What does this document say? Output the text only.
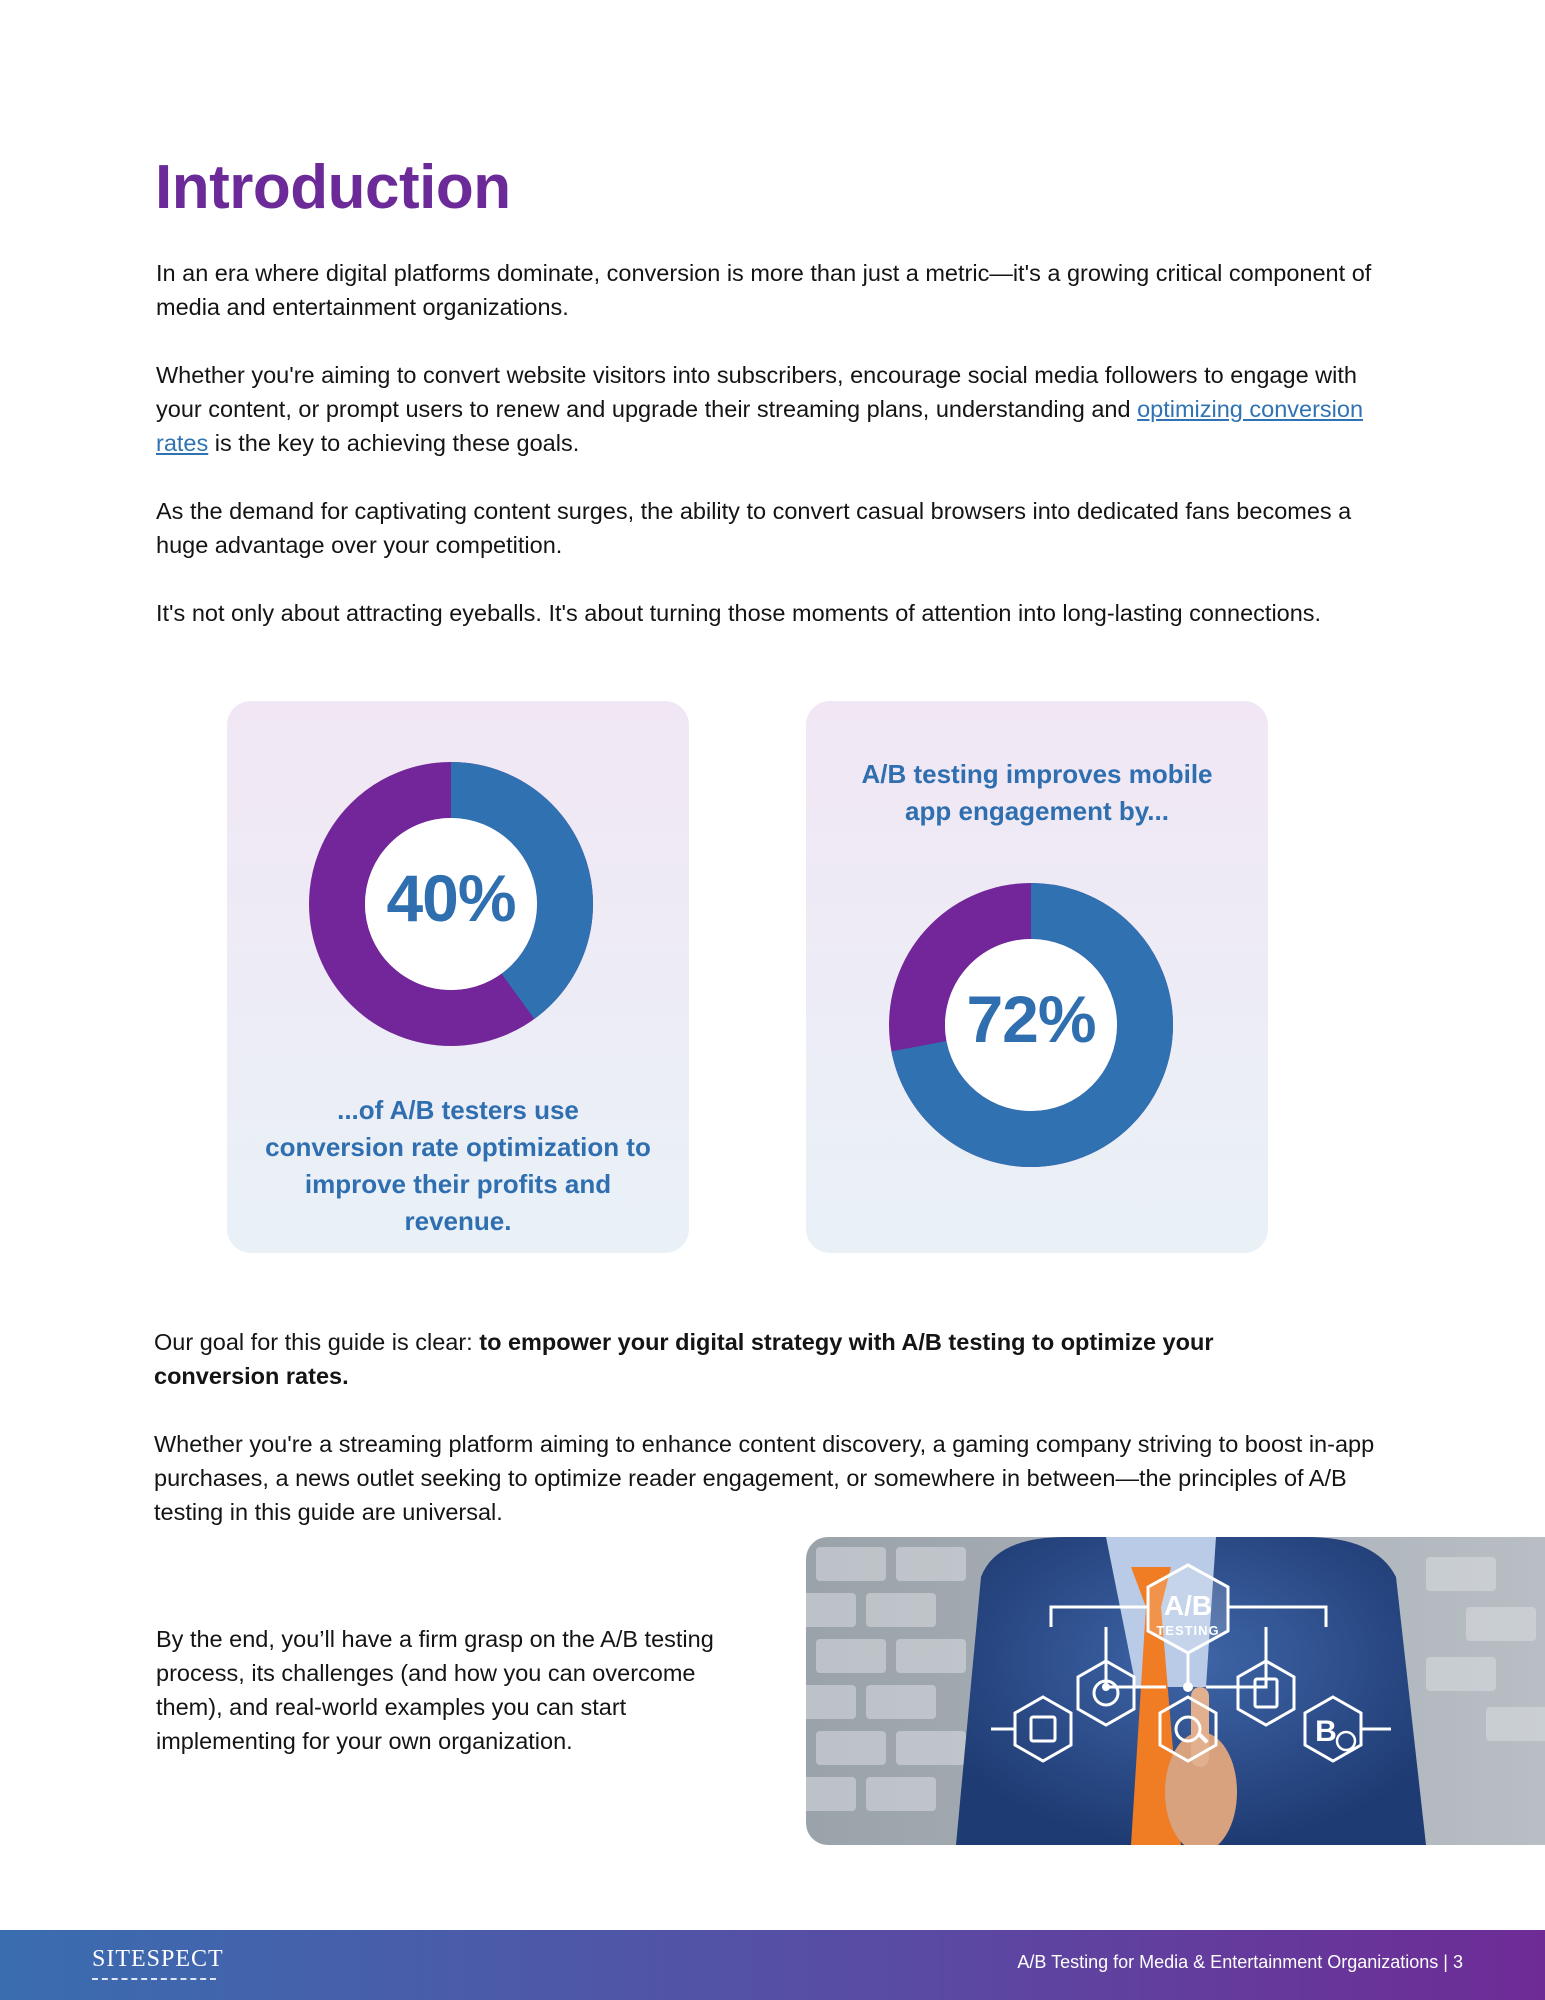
Introduction

In an era where digital platforms dominate, conversion is more than just a metric—it's a growing critical component of media and entertainment organizations.

Whether you're aiming to convert website visitors into subscribers, encourage social media followers to engage with your content, or prompt users to renew and upgrade their streaming plans, understanding and optimizing conversion rates is the key to achieving these goals.

As the demand for captivating content surges, the ability to convert casual browsers into dedicated fans becomes a huge advantage over your competition.

It's not only about attracting eyeballs. It's about turning those moments of attention into long-lasting connections.

40%
...of A/B testers use conversion rate optimization to improve their profits and revenue.
A/B testing improves mobile app engagement by...
72%

Our goal for this guide is clear: to empower your digital strategy with A/B testing to optimize your conversion rates.

Whether you're a streaming platform aiming to enhance content discovery, a gaming company striving to boost in-app purchases, a news outlet seeking to optimize reader engagement, or somewhere in between—the principles of A/B testing in this guide are universal.

By the end, you’ll have a firm grasp on the A/B testing process, its challenges (and how you can overcome them), and real-world examples you can start implementing for your own organization.

A/B
TESTING
B
SITESPECT	A/B Testing for Media & Entertainment Organizations | 3
